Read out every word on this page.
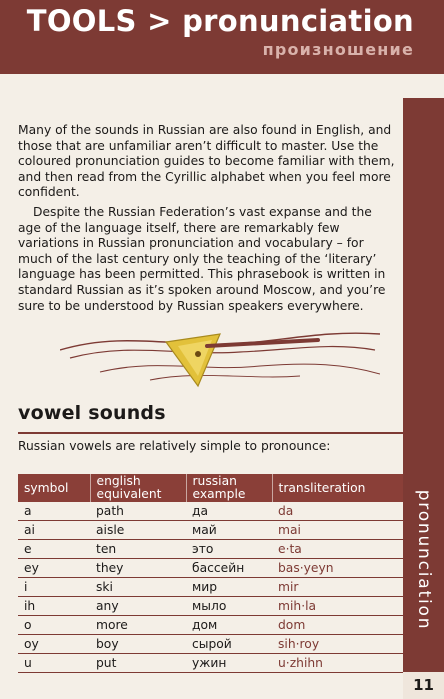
TOOLS > pronunciation
произношение
pronunciation
11

Many of the sounds in Russian are also found in English, and those that are unfamiliar aren’t difficult to master. Use the coloured pronunciation guides to become familiar with them, and then read from the Cyrillic alphabet when you feel more confident.

Despite the Russian Federation’s vast expanse and the age of the language itself, there are remarkably few variations in Russian pronunciation and vocabulary – for much of the last century only the teaching of the ‘literary’ language has been permitted. This phrasebook is written in standard Russian as it’s spoken around Moscow, and you’re sure to be understood by Russian speakers everywhere.

vowel sounds

Russian vowels are relatively simple to pronounce:

symbol	english equivalent	russian example	transliteration
a	path	да	da
ai	aisle	май	mai
e	ten	это	e·ta
ey	they	бассейн	bas·yeyn
i	ski	мир	mir
ih	any	мыло	mih·la
o	more	дом	dom
oy	boy	сырой	sih·roy
u	put	ужин	u·zhihn
